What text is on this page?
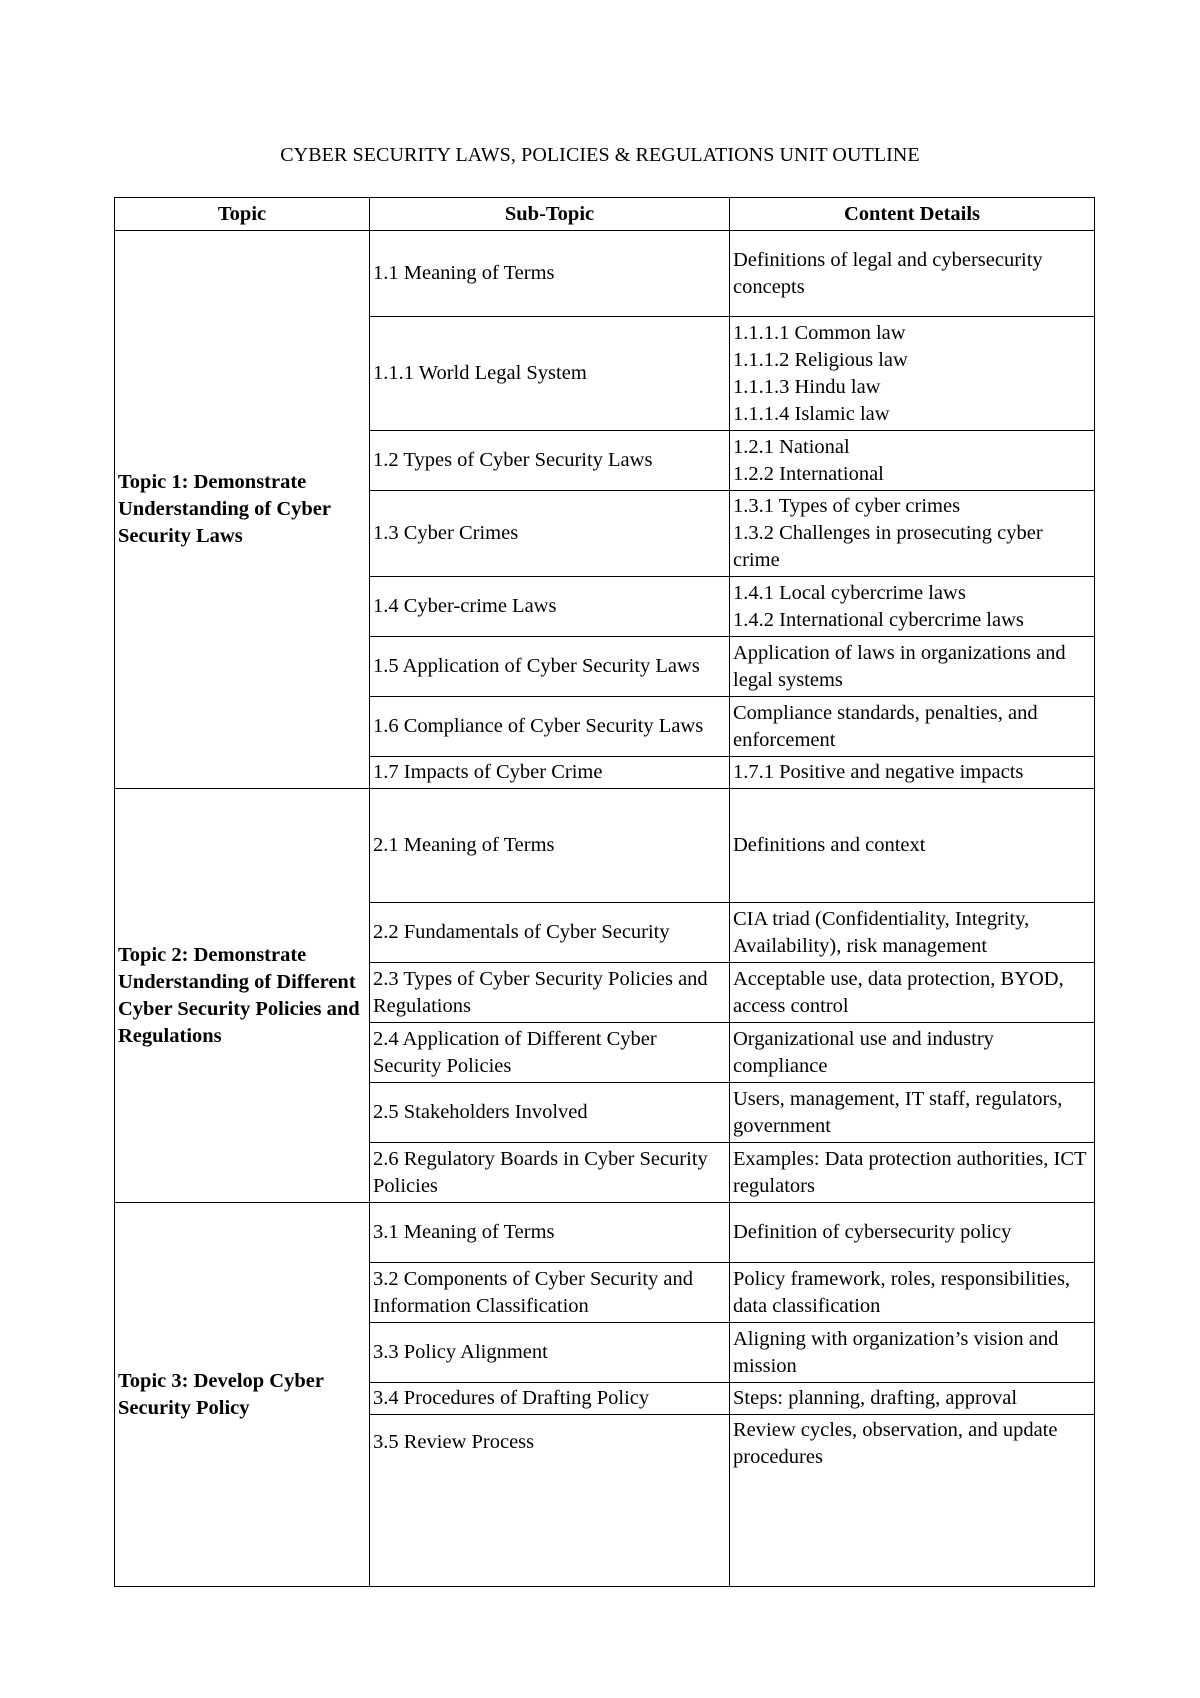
CYBER SECURITY LAWS, POLICIES & REGULATIONS UNIT OUTLINE
Topic	Sub-Topic	Content Details
Topic 1: Demonstrate Understanding of Cyber Security Laws	1.1 Meaning of Terms	Definitions of legal and cybersecurity concepts

	1.1.1 World Legal System	1.1.1.1 Common law
1.1.1.2 Religious law
1.1.1.3 Hindu law
1.1.1.4 Islamic law

	1.2 Types of Cyber Security Laws	1.2.1 National
1.2.2 International

	1.3 Cyber Crimes	1.3.1 Types of cyber crimes
1.3.2 Challenges in prosecuting cyber crime

	1.4 Cyber-crime Laws	1.4.1 Local cybercrime laws
1.4.2 International cybercrime laws

	1.5 Application of Cyber Security Laws	Application of laws in organizations and legal systems

	1.6 Compliance of Cyber Security Laws	Compliance standards, penalties, and enforcement

	1.7 Impacts of Cyber Crime	1.7.1 Positive and negative impacts

Topic 2: Demonstrate Understanding of Different Cyber Security Policies and Regulations	2.1 Meaning of Terms	Definitions and context

	2.2 Fundamentals of Cyber Security	CIA triad (Confidentiality, Integrity, Availability), risk management

	2.3 Types of Cyber Security Policies and Regulations	Acceptable use, data protection, BYOD, access control

	2.4 Application of Different Cyber Security Policies	Organizational use and industry compliance

	2.5 Stakeholders Involved	Users, management, IT staff, regulators, government

	2.6 Regulatory Boards in Cyber Security Policies	Examples: Data protection authorities, ICT regulators

Topic 3: Develop Cyber Security Policy	3.1 Meaning of Terms	Definition of cybersecurity policy

	3.2 Components of Cyber Security and Information Classification	Policy framework, roles, responsibilities, data classification

	3.3 Policy Alignment	Aligning with organization’s vision and mission

	3.4 Procedures of Drafting Policy	Steps: planning, drafting, approval

	3.5 Review Process	Review cycles, observation, and update procedures
